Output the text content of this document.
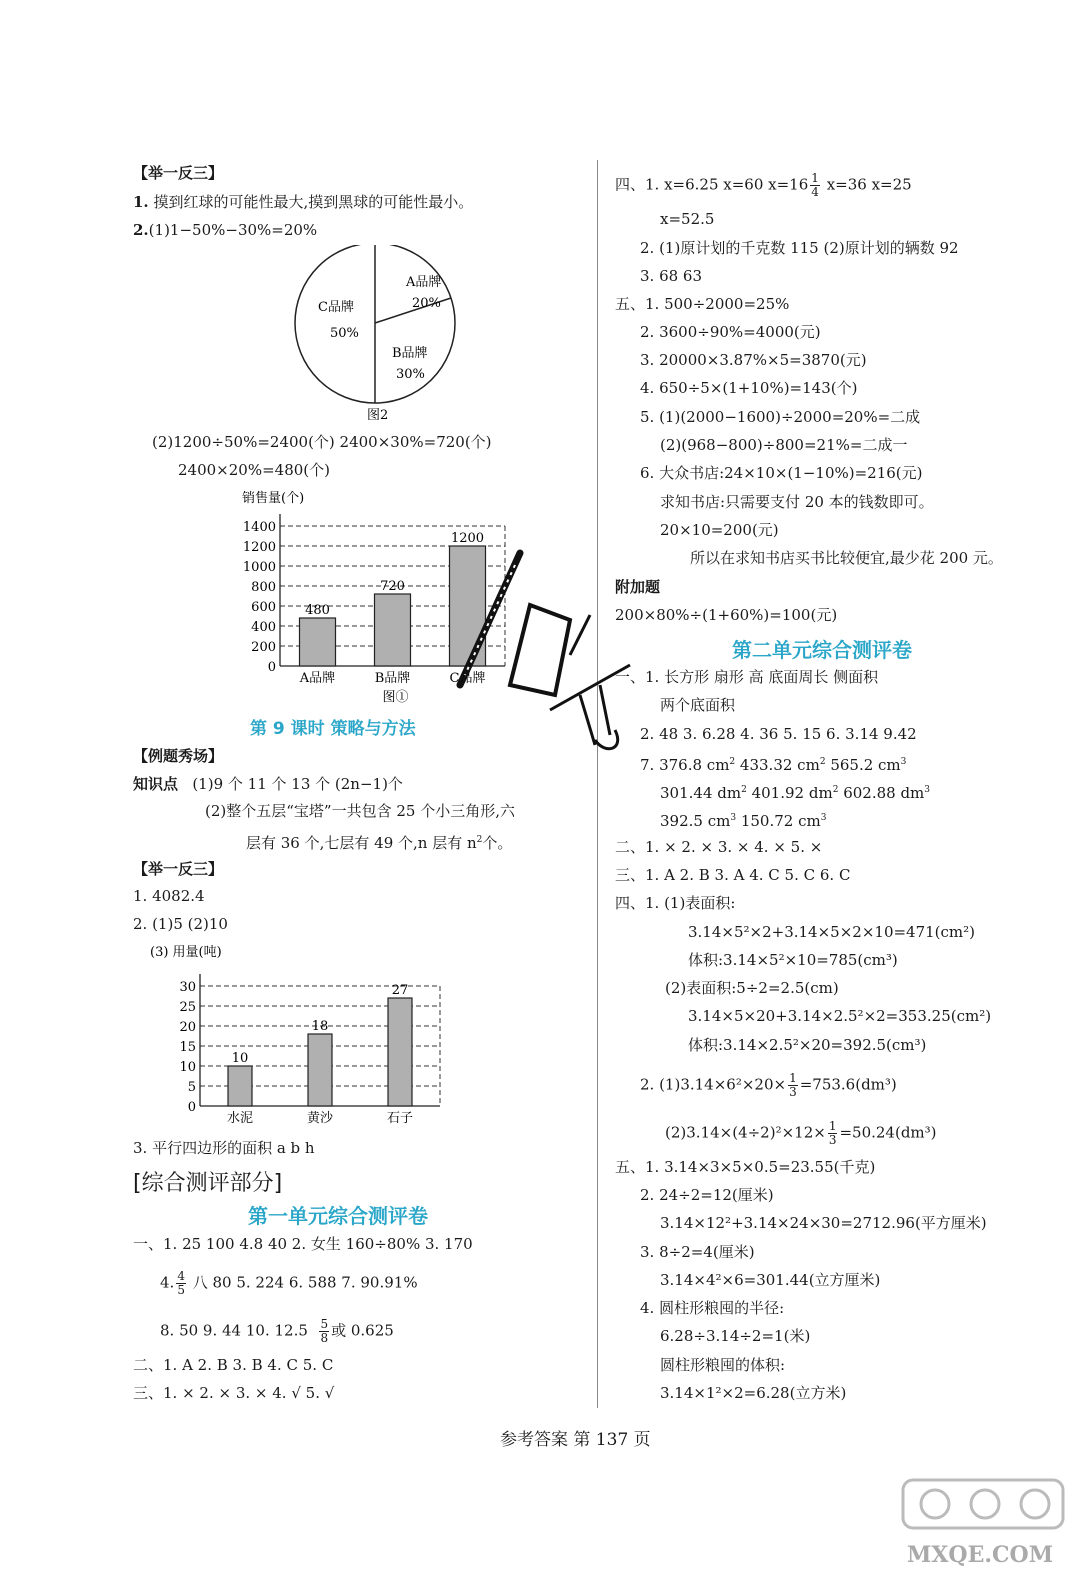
【举一反三】
1. 摸到红球的可能性最大,摸到黑球的可能性最小。
2.(1)1−50%−30%=20%
A品牌
20%
C品牌
50%
B品牌
30%
图2
(2)1200÷50%=2400(个) 2400×30%=720(个)
2400×20%=480(个)
销售量(个)
0
200
400
600
800
1000
1200
1400
480
A品牌
720
B品牌
1200
C品牌
图①
第 9 课时 策略与方法
【例题秀场】
知识点 (1)9 个 11 个 13 个 (2n−1)个
(2)整个五层“宝塔”一共包含 25 个小三角形,六
层有 36 个,七层有 49 个,n 层有 $n^2$个。
【举一反三】
1. 4082.4
2. (1)5 (2)10
(3) 用量(吨)
0
5
10
15
20
25
30
10
水泥
18
黄沙
27
石子
3. 平行四边形的面积 a b h
[综合测评部分]
第一单元综合测评卷
一、1. 25 100 4.8 40 2. 女生 160÷80% 3. 170
4. $\frac{4}{5}$ 八 80 5. 224 6. 588 7. 90.91%
8. 50 9. 44 10. $12.5 \frac{5}{8}$ 或 0.625
二、1. A 2. B 3. B 4. C 5. C
三、1. × 2. × 3. × 4. √ 5. √
四、1. x=6.25 x=60 $x=16 \frac{1}{4} x=36$ x=25
x=52.5
2. (1)原计划的千克数 115 (2)原计划的辆数 92
3. 68 63
五、1. 500÷2000=25%
2. 3600÷90%=4000(元)
3. 20000×3.87%×5=3870(元)
4. 650÷5×(1+10%)=143(个)
5. (1)(2000−1600)÷2000=20%=二成
(2)(968−800)÷800=21%=二成一
6. 大众书店:24×10×(1−10%)=216(元)
求知书店:只需要支付 20 本的钱数即可。
20×10=200(元)
所以在求知书店买书比较便宜,最少花 200 元。
附加题
200×80%÷(1+60%)=100(元)
第二单元综合测评卷
一、1. 长方形 扇形 高 底面周长 侧面积
两个底面积
2. 48 3. 6.28 4. 36 5. 15 6. 3.14 9.42
7. 376.8 $cm^2$ 433.32 $cm^2$ 565.2 $cm^3$
301.44 $dm^2$ 401.92 $dm^2$ 602.88 $dm^3$
392.5 $cm^3$ 150.72 $cm^3$
二、1. × 2. × 3. × 4. × 5. ×
三、1. A 2. B 3. A 4. C 5. C 6. C
四、1. (1)表面积:
3.14×5²×2+3.14×5×2×10=471(cm²)
体积:3.14×5²×10=785(cm³)
(2)表面积:5÷2=2.5(cm)
3.14×5×20+3.14×2.5²×2=353.25(cm²)
体积:3.14×2.5²×20=392.5(cm³)
2. $(1)3.14\times 6^2\times 20\times \frac{1}{3} =753.6(dm^3)$
$(2)3.14\times(4\div 2)^2\times 12\times \frac{1}{3} =50.24(dm^3)$
五、1. 3.14×3×5×0.5=23.55(千克)
2. 24÷2=12(厘米)
3.14×12²+3.14×24×30=2712.96(平方厘米)
3. 8÷2=4(厘米)
3.14×4²×6=301.44(立方厘米)
4. 圆柱形粮囤的半径:
6.28÷3.14÷2=1(米)
圆柱形粮囤的体积:
3.14×1²×2=6.28(立方米)
参考答案 第 137 页
MXQE.COM
